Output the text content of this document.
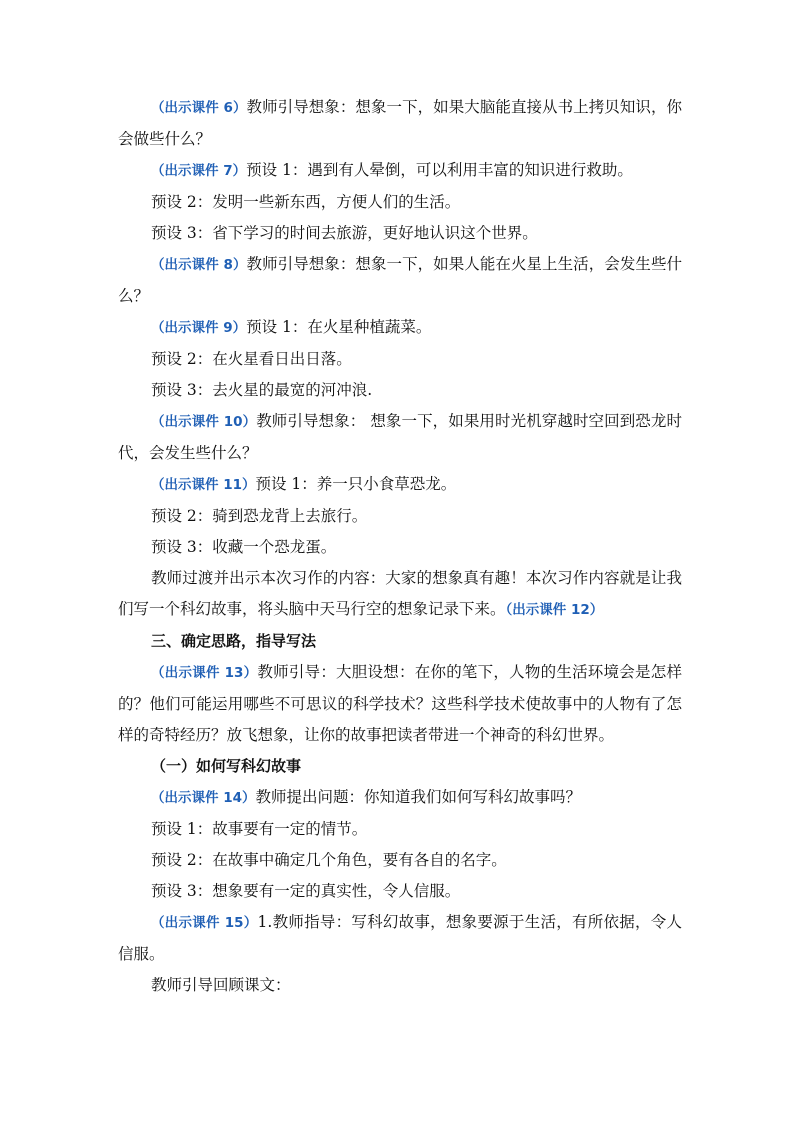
（出示课件 6）教师引导想象：想象一下，如果大脑能直接从书上拷贝知识，你会做些什么？

（出示课件 7）预设 1：遇到有人晕倒，可以利用丰富的知识进行救助。

预设 2：发明一些新东西，方便人们的生活。

预设 3：省下学习的时间去旅游，更好地认识这个世界。

（出示课件 8）教师引导想象：想象一下，如果人能在火星上生活，会发生些什么？

（出示课件 9）预设 1：在火星种植蔬菜。

预设 2：在火星看日出日落。

预设 3：去火星的最宽的河冲浪.

（出示课件 10）教师引导想象： 想象一下，如果用时光机穿越时空回到恐龙时代，会发生些什么？

（出示课件 11）预设 1：养一只小食草恐龙。

预设 2：骑到恐龙背上去旅行。

预设 3：收藏一个恐龙蛋。

教师过渡并出示本次习作的内容：大家的想象真有趣！本次习作内容就是让我们写一个科幻故事，将头脑中天马行空的想象记录下来。（出示课件 12）

三、确定思路，指导写法

（出示课件 13）教师引导：大胆设想：在你的笔下，人物的生活环境会是怎样的？他们可能运用哪些不可思议的科学技术？这些科学技术使故事中的人物有了怎样的奇特经历？放飞想象，让你的故事把读者带进一个神奇的科幻世界。

（一）如何写科幻故事

（出示课件 14）教师提出问题：你知道我们如何写科幻故事吗？

预设 1：故事要有一定的情节。

预设 2：在故事中确定几个角色，要有各自的名字。

预设 3：想象要有一定的真实性，令人信服。

（出示课件 15）1.教师指导：写科幻故事，想象要源于生活，有所依据，令人信服。

教师引导回顾课文：
